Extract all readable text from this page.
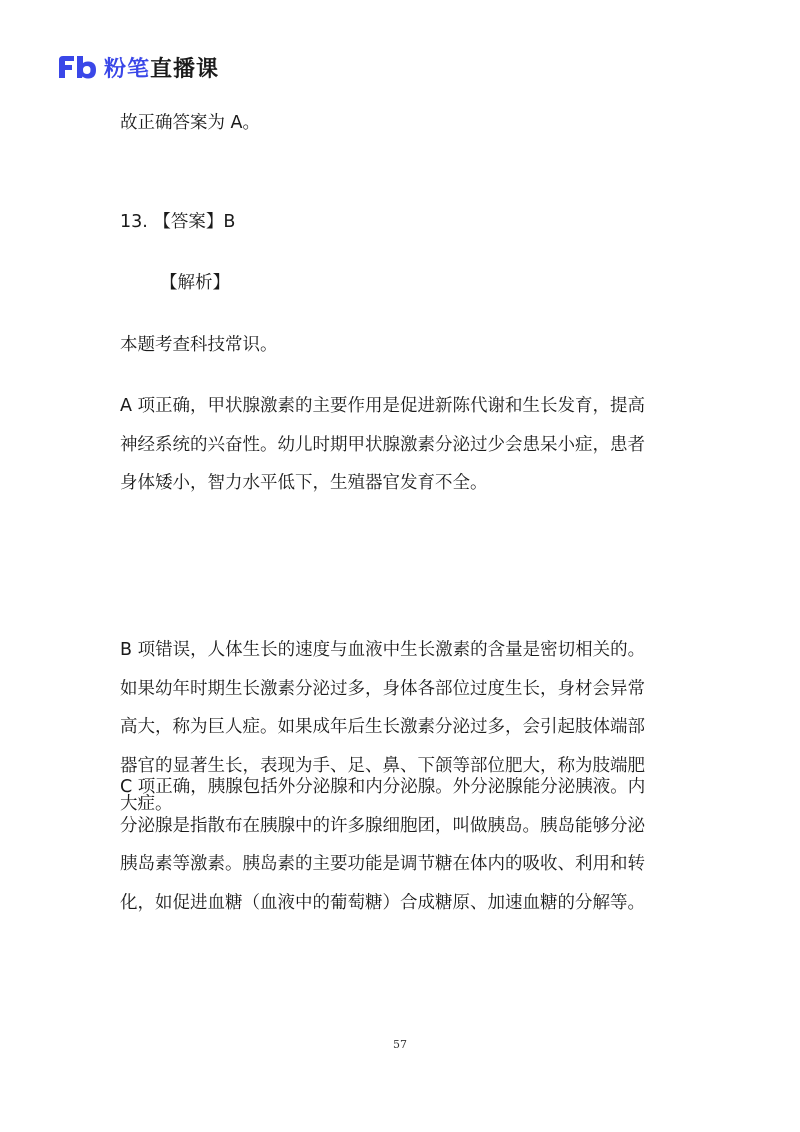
粉笔 直播课
故正确答案为 A。
13. 【答案】B
【解析】
本题考查科技常识。
A 项正确，甲状腺激素的主要作用是促进新陈代谢和生长发育，提高
神经系统的兴奋性。幼儿时期甲状腺激素分泌过少会患呆小症，患者
身体矮小，智力水平低下，生殖器官发育不全。
B 项错误，人体生长的速度与血液中生长激素的含量是密切相关的。
如果幼年时期生长激素分泌过多，身体各部位过度生长，身材会异常
高大，称为巨人症。如果成年后生长激素分泌过多，会引起肢体端部
器官的显著生长，表现为手、足、鼻、下颌等部位肥大，称为肢端肥
大症。
C 项正确，胰腺包括外分泌腺和内分泌腺。外分泌腺能分泌胰液。内
分泌腺是指散布在胰腺中的许多腺细胞团，叫做胰岛。胰岛能够分泌
胰岛素等激素。胰岛素的主要功能是调节糖在体内的吸收、利用和转
化，如促进血糖（血液中的葡萄糖）合成糖原、加速血糖的分解等。
57
